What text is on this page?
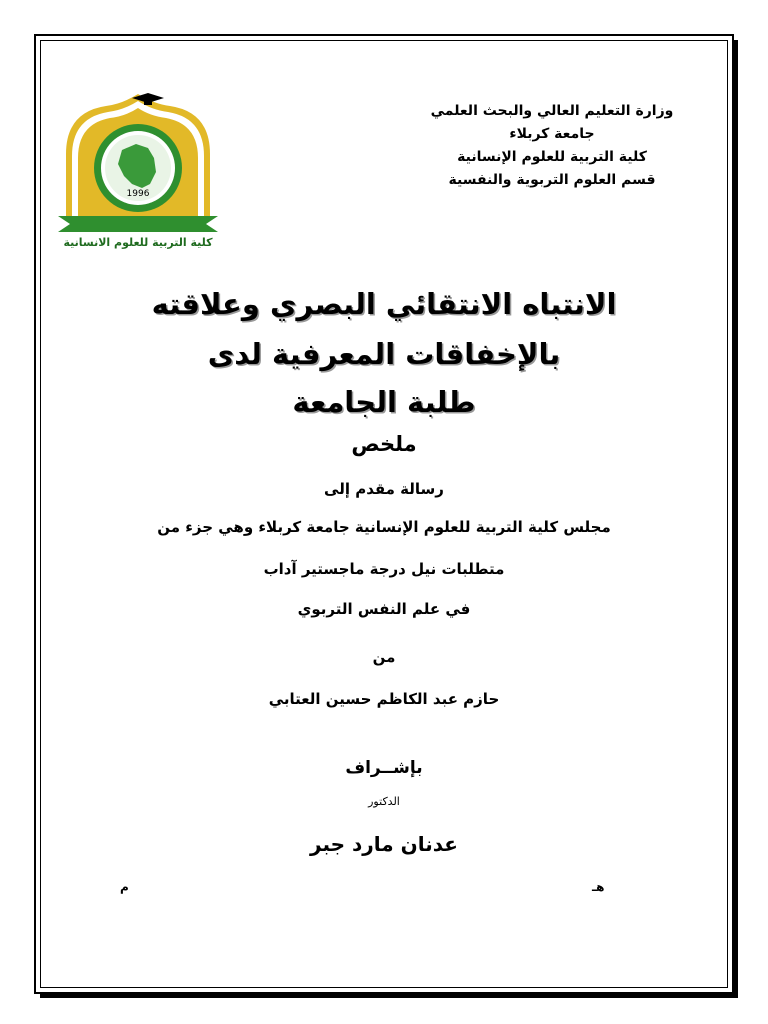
وزارة التعليم العالي والبحث العلمي
جامعة كربلاء
كلية التربية للعلوم الإنسانية
قسم العلوم التربوية والنفسية
1996
كلية التربية للعلوم الانسانية
الانتباه الانتقائي البصري وعلاقته
بالإخفاقات المعرفية لدى
طلبة الجامعة
ملخص
رسالة مقدم إلى
مجلس كلية التربية للعلوم الإنسانية جامعة كربلاء وهي جزء من
متطلبات نيل درجة ماجستير آداب
في علم النفس التربوي
من
حازم عبد الكاظم حسين العتابي
بإشــراف
الدكتور
عدنان مارد جبر
هـ
م
